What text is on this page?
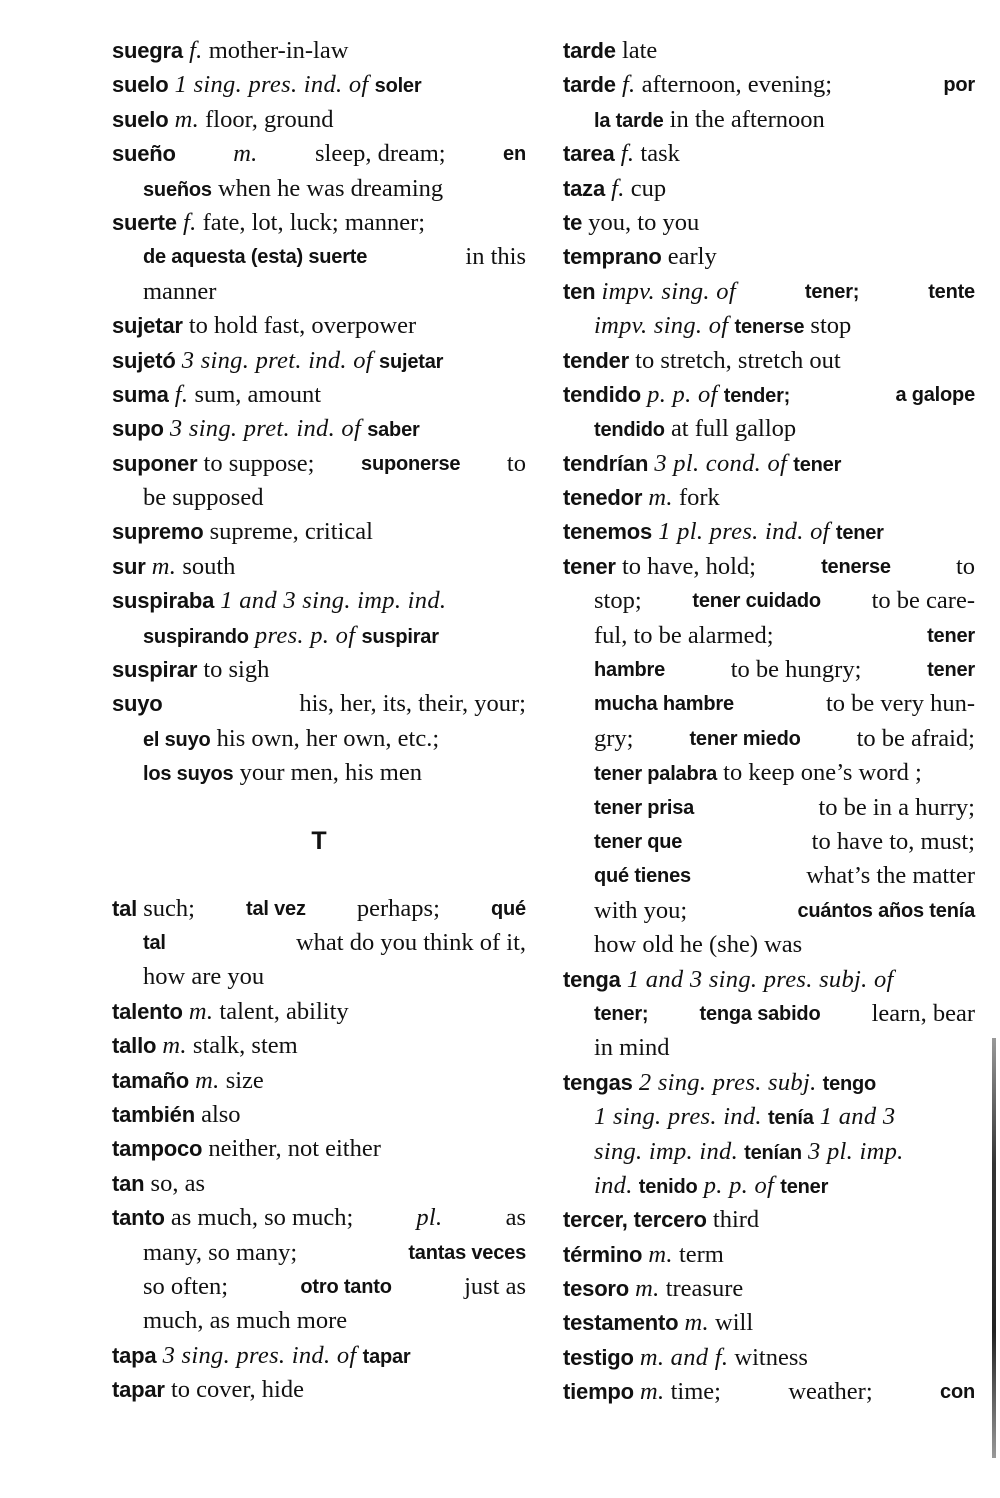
suegra f. mother-in-law
suelo 1 sing. pres. ind. of soler
suelo m. floor, ground
sueño m. sleep, dream;	en
sueños when he was dreaming
suerte f. fate, lot, luck; manner;
de aquesta (esta) suerte	in this
manner
sujetar to hold fast, overpower
sujetó 3 sing. pret. ind. of sujetar
suma f. sum, amount
supo 3 sing. pret. ind. of saber
suponer to suppose; suponerse to
be supposed
supremo supreme, critical
sur m. south
suspiraba 1 and 3 sing. imp. ind.
suspirando pres. p. of suspirar
suspirar to sigh
suyo	his, her, its, their, your;
el suyo his own, her own, etc.;
los suyos your men, his men
T
tal such;	tal vez perhaps;	qué
tal	what do you think of it,
how are you
talento m. talent, ability
tallo m. stalk, stem
tamaño m. size
también also
tampoco neither, not either
tan so, as
tanto as much, so much;	pl.	as
many, so many;	tantas veces
so often;	otro tanto	just as
much, as much more
tapa 3 sing. pres. ind. of tapar
tapar to cover, hide
tarde late
tarde f. afternoon, evening;	por
la tarde in the afternoon
tarea f. task
taza f. cup
te you, to you
temprano early
ten impv. sing. of	tener;	tente
impv. sing. of tenerse stop
tender to stretch, stretch out
tendido p. p. of tender;	a galope
tendido at full gallop
tendrían 3 pl. cond. of tener
tenedor m. fork
tenemos 1 pl. pres. ind. of tener
tener to have, hold;	tenerse	to
stop;	tener cuidado to be care-
ful, to be alarmed;	tener
hambre	to be hungry;	tener
mucha hambre	to be very hun-
gry;	tener miedo to be afraid;
tener palabra to keep one’s word ;
tener prisa	to be in a hurry;
tener que	to have to, must;
qué tienes	what’s the matter
with you;	cuántos años tenía
how old he (she) was
tenga 1 and 3 sing. pres. subj. of
tener;	tenga sabido learn, bear
in mind
tengas 2 sing. pres. subj. tengo
1 sing. pres. ind. tenía 1 and 3
sing. imp. ind. tenían 3 pl. imp.
ind. tenido p. p. of tener
tercer, tercero third
término m. term
tesoro m. treasure
testamento m. will
testigo m. and f. witness
tiempo m. time;	weather;	con
